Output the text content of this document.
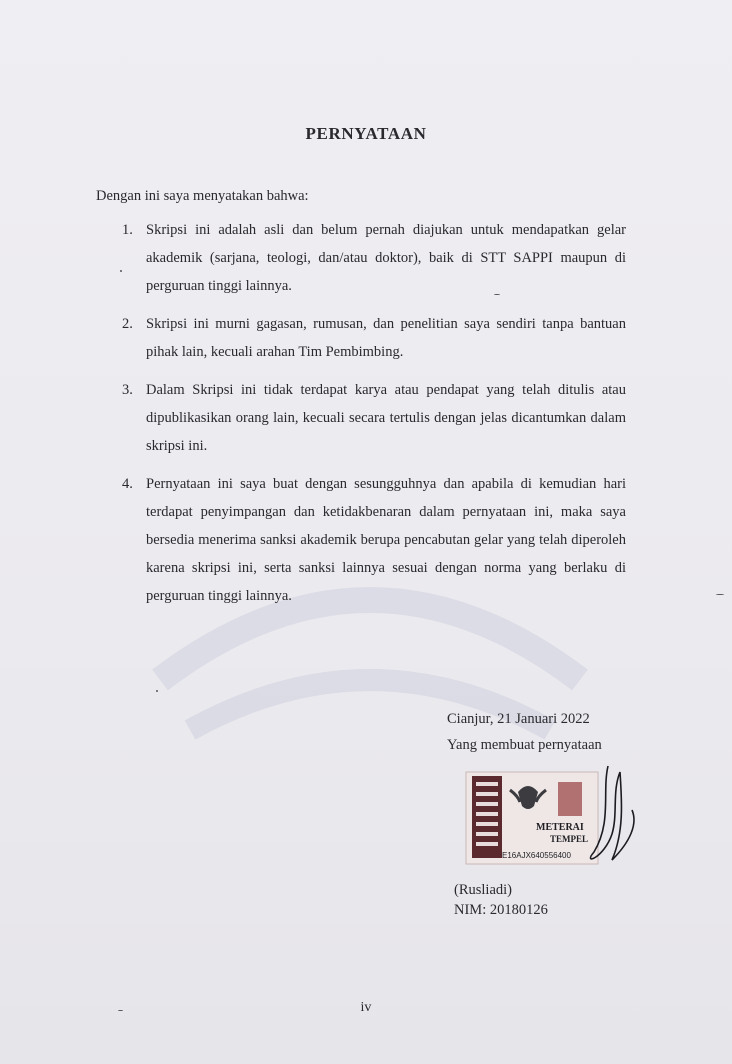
PERNYATAAN
Dengan ini saya menyatakan bahwa:
1. Skripsi ini adalah asli dan belum pernah diajukan untuk mendapatkan gelar akademik (sarjana, teologi, dan/atau doktor), baik di STT SAPPI maupun di perguruan tinggi lainnya.
2. Skripsi ini murni gagasan, rumusan, dan penelitian saya sendiri tanpa bantuan pihak lain, kecuali arahan Tim Pembimbing.
3. Dalam Skripsi ini tidak terdapat karya atau pendapat yang telah ditulis atau dipublikasikan orang lain, kecuali secara tertulis dengan jelas dicantumkan dalam skripsi ini.
4. Pernyataan ini saya buat dengan sesungguhnya dan apabila di kemudian hari terdapat penyimpangan dan ketidakbenaran dalam pernyataan ini, maka saya bersedia menerima sanksi akademik berupa pencabutan gelar yang telah diperoleh karena skripsi ini, serta sanksi lainnya sesuai dengan norma yang berlaku di perguruan tinggi lainnya.
Cianjur, 21 Januari 2022
Yang membuat pernyataan
METERAI
TEMPEL
E16AJX640556400
(Rusliadi)
NIM: 20180126
iv
